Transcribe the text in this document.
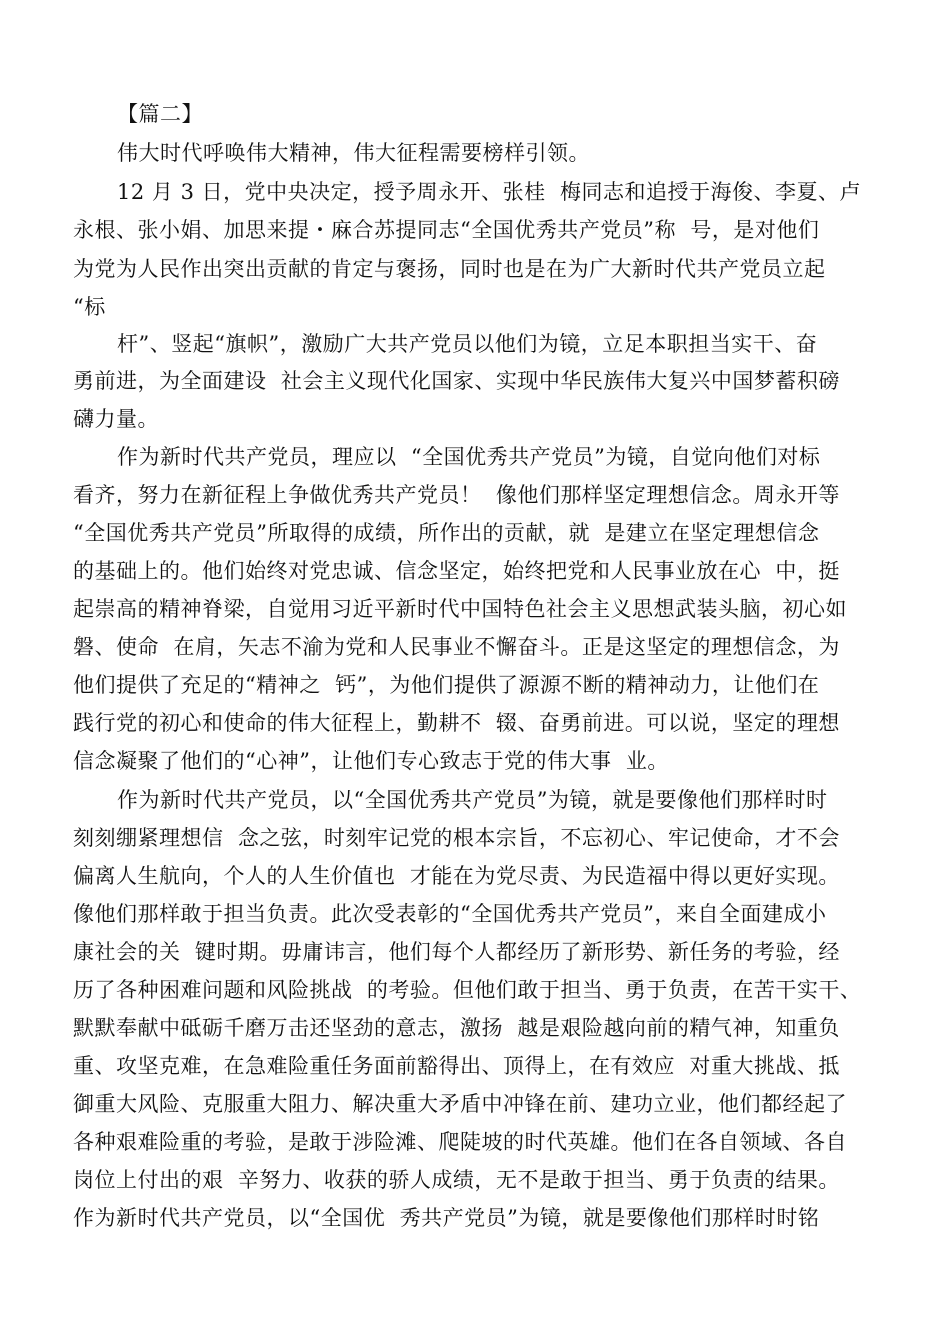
【篇二】
伟大时代呼唤伟大精神，伟大征程需要榜样引领。
12 月 3 日，党中央决定，授予周永开、张桂  梅同志和追授于海俊、李夏、卢
永根、张小娟、加思来提・麻合苏提同志“全国优秀共产党员”称  号，是对他们
为党为人民作出突出贡献的肯定与褒扬，同时也是在为广大新时代共产党员立起
“标
杆”、竖起“旗帜”，激励广大共产党员以他们为镜，立足本职担当实干、奋
勇前进，为全面建设  社会主义现代化国家、实现中华民族伟大复兴中国梦蓄积磅
礴力量。
作为新时代共产党员，理应以  “全国优秀共产党员”为镜，自觉向他们对标
看齐，努力在新征程上争做优秀共产党员！  像他们那样坚定理想信念。周永开等
“全国优秀共产党员”所取得的成绩，所作出的贡献，就  是建立在坚定理想信念
的基础上的。他们始终对党忠诚、信念坚定，始终把党和人民事业放在心  中，挺
起崇高的精神脊梁，自觉用习近平新时代中国特色社会主义思想武装头脑，初心如
磐、使命  在肩，矢志不渝为党和人民事业不懈奋斗。正是这坚定的理想信念，为
他们提供了充足的“精神之  钙”，为他们提供了源源不断的精神动力，让他们在
践行党的初心和使命的伟大征程上，勤耕不  辍、奋勇前进。可以说，坚定的理想
信念凝聚了他们的“心神”，让他们专心致志于党的伟大事  业。
作为新时代共产党员，以“全国优秀共产党员”为镜，就是要像他们那样时时
刻刻绷紧理想信  念之弦，时刻牢记党的根本宗旨，不忘初心、牢记使命，才不会
偏离人生航向，个人的人生价值也  才能在为党尽责、为民造福中得以更好实现。
像他们那样敢于担当负责。此次受表彰的“全国优秀共产党员”，来自全面建成小
康社会的关  键时期。毋庸讳言，他们每个人都经历了新形势、新任务的考验，经
历了各种困难问题和风险挑战  的考验。但他们敢于担当、勇于负责，在苦干实干、
默默奉献中砥砺千磨万击还坚劲的意志，激扬  越是艰险越向前的精气神，知重负
重、攻坚克难，在急难险重任务面前豁得出、顶得上，在有效应  对重大挑战、抵
御重大风险、克服重大阻力、解决重大矛盾中冲锋在前、建功立业，他们都经起了
各种艰难险重的考验，是敢于涉险滩、爬陡坡的时代英雄。他们在各自领域、各自
岗位上付出的艰  辛努力、收获的骄人成绩，无不是敢于担当、勇于负责的结果。
作为新时代共产党员，以“全国优  秀共产党员”为镜，就是要像他们那样时时铭
